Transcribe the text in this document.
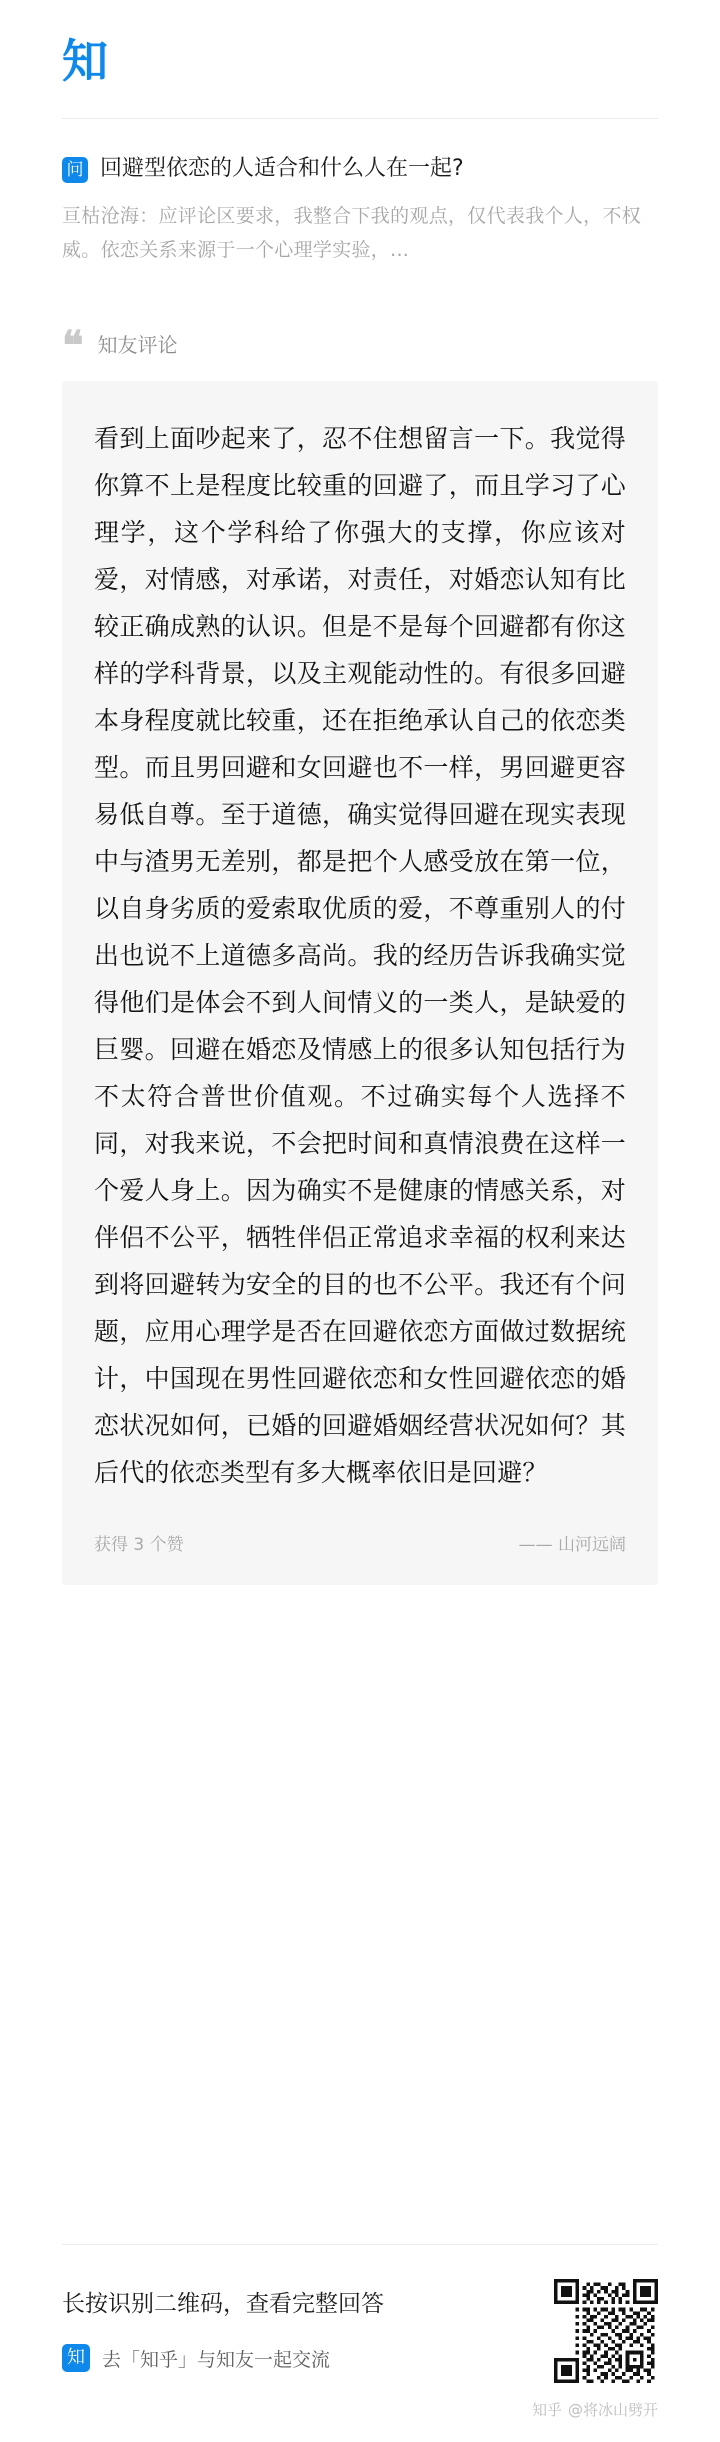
知
问 回避型依恋的人适合和什么人在一起?
亘枯沧海：应评论区要求，我整合下我的观点，仅代表我个人，不权威。依恋关系来源于一个心理学实验，...
❝ 知友评论
看到上面吵起来了，忍不住想留言一下。我觉得你算不上是程度比较重的回避了，而且学习了心理学，这个学科给了你强大的支撑，你应该对爱，对情感，对承诺，对责任，对婚恋认知有比较正确成熟的认识。但是不是每个回避都有你这样的学科背景，以及主观能动性的。有很多回避本身程度就比较重，还在拒绝承认自己的依恋类型。而且男回避和女回避也不一样，男回避更容易低自尊。至于道德，确实觉得回避在现实表现中与渣男无差别，都是把个人感受放在第一位，以自身劣质的爱索取优质的爱，不尊重别人的付出也说不上道德多高尚。我的经历告诉我确实觉得他们是体会不到人间情义的一类人，是缺爱的巨婴。回避在婚恋及情感上的很多认知包括行为不太符合普世价值观。不过确实每个人选择不同，对我来说，不会把时间和真情浪费在这样一个爱人身上。因为确实不是健康的情感关系，对伴侣不公平，牺牲伴侣正常追求幸福的权利来达到将回避转为安全的目的也不公平。我还有个问题，应用心理学是否在回避依恋方面做过数据统计，中国现在男性回避依恋和女性回避依恋的婚恋状况如何，已婚的回避婚姻经营状况如何？其后代的依恋类型有多大概率依旧是回避？
获得 3 个赞	—— 山河远阔
长按识别二维码，查看完整回答
知 去「知乎」与知友一起交流
知乎 @将冰山劈开
